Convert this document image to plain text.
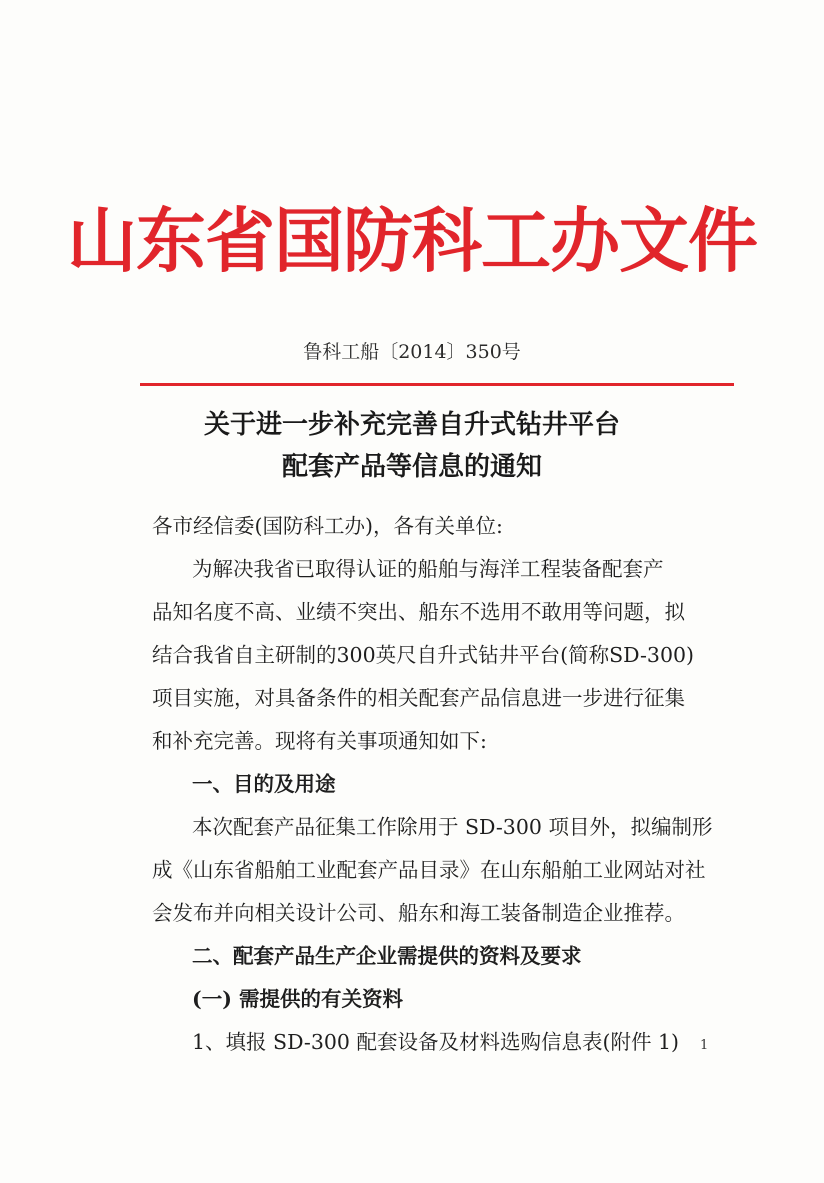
山东省国防科工办文件
鲁科工船〔2014〕350号
关于进一步补充完善自升式钻井平台
配套产品等信息的通知
各市经信委(国防科工办)，各有关单位:
为解决我省已取得认证的船舶与海洋工程装备配套产
品知名度不高、业绩不突出、船东不选用不敢用等问题，拟
结合我省自主研制的300英尺自升式钻井平台(简称SD-300)
项目实施，对具备条件的相关配套产品信息进一步进行征集
和补充完善。现将有关事项通知如下:
一、目的及用途
本次配套产品征集工作除用于 SD-300 项目外，拟编制形
成《山东省船舶工业配套产品目录》在山东船舶工业网站对社
会发布并向相关设计公司、船东和海工装备制造企业推荐。
二、配套产品生产企业需提供的资料及要求
(一) 需提供的有关资料
1、填报 SD-300 配套设备及材料选购信息表(附件 1)	1
